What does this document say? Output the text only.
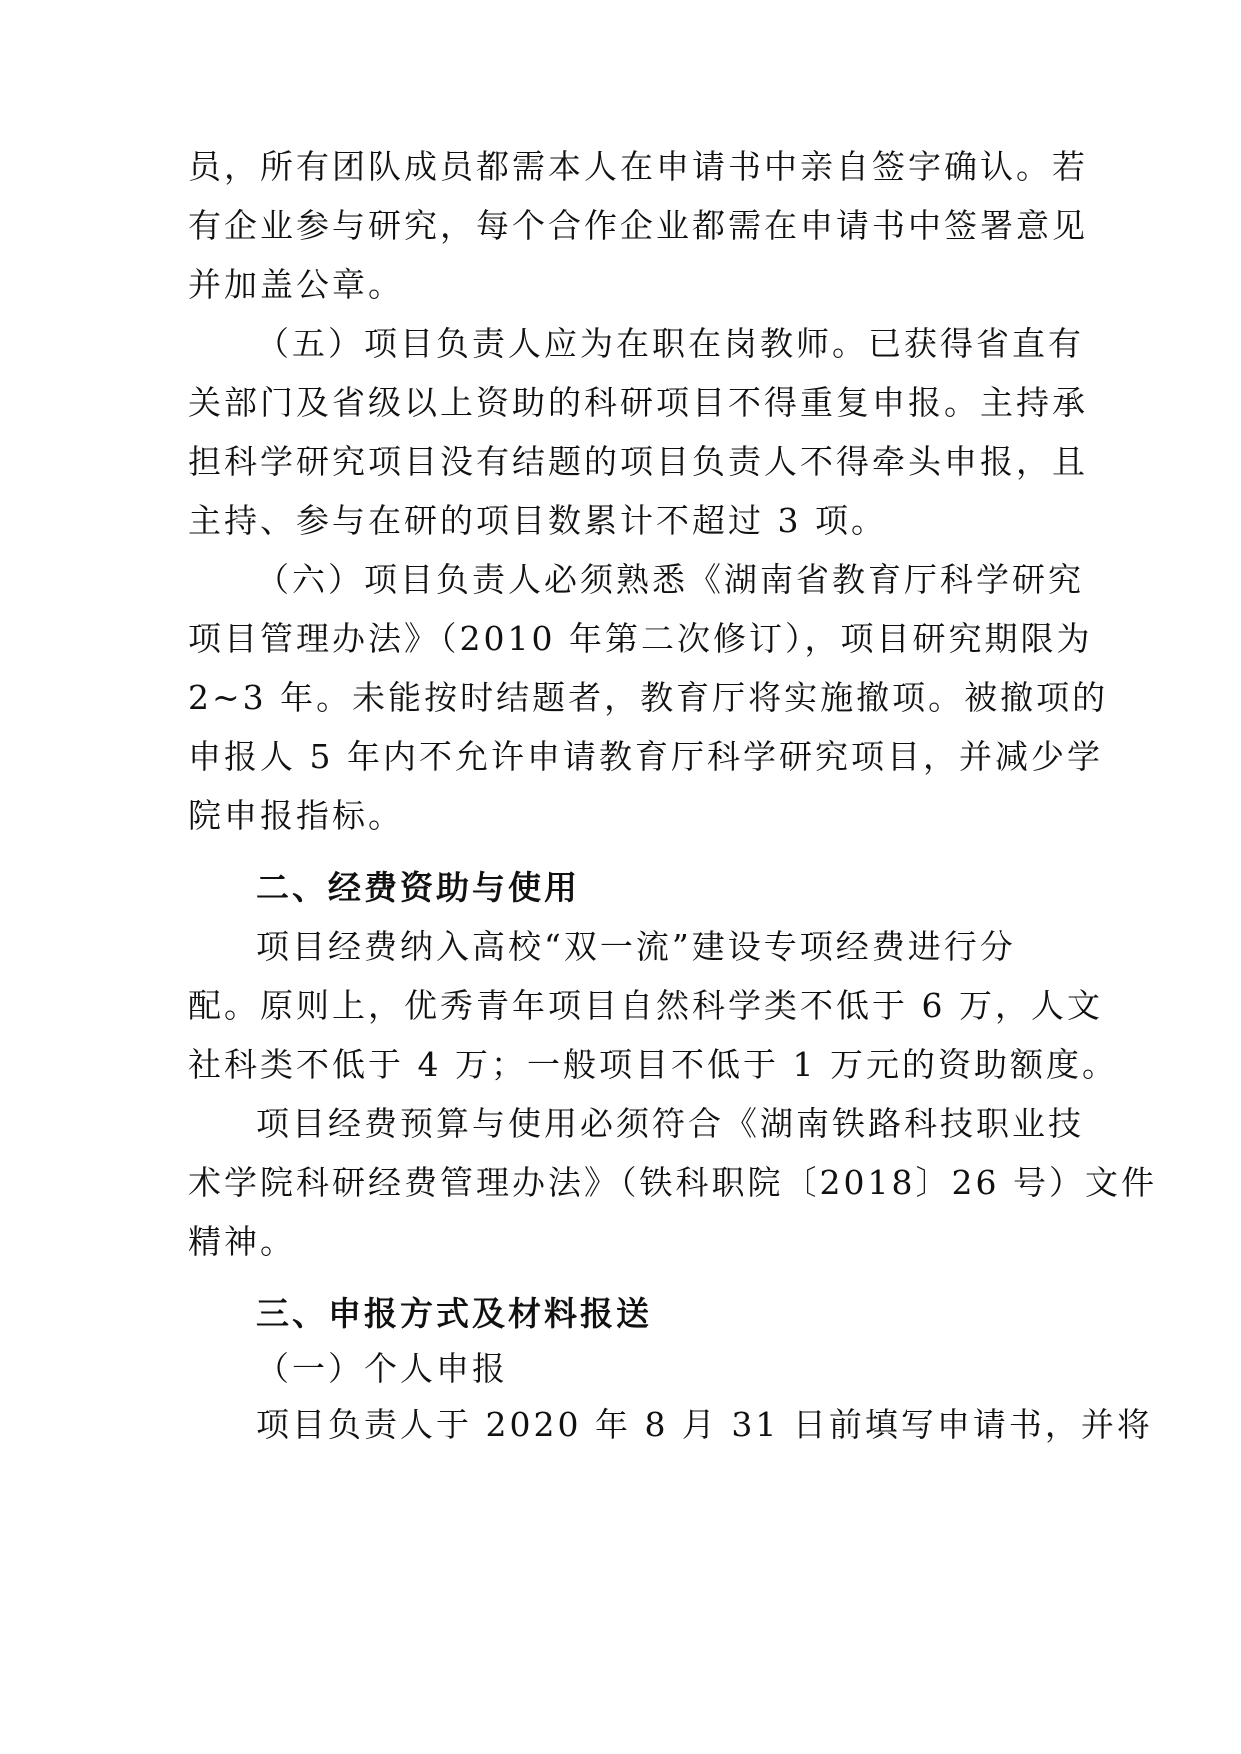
员，所有团队成员都需本人在申请书中亲自签字确认。若
有企业参与研究，每个合作企业都需在申请书中签署意见
并加盖公章。
（五）项目负责人应为在职在岗教师。已获得省直有
关部门及省级以上资助的科研项目不得重复申报。主持承
担科学研究项目没有结题的项目负责人不得牵头申报，且
主持、参与在研的项目数累计不超过 3 项。
（六）项目负责人必须熟悉《湖南省教育厅科学研究
项目管理办法》（2010 年第二次修订），项目研究期限为
2~3 年。未能按时结题者，教育厅将实施撤项。被撤项的
申报人 5 年内不允许申请教育厅科学研究项目，并减少学
院申报指标。
二、经费资助与使用
项目经费纳入高校“双一流”建设专项经费进行分
配。原则上，优秀青年项目自然科学类不低于 6 万，人文
社科类不低于 4 万；一般项目不低于 1 万元的资助额度。
项目经费预算与使用必须符合《湖南铁路科技职业技
术学院科研经费管理办法》（铁科职院〔2018〕26 号）文件
精神。
三、申报方式及材料报送
（一）个人申报
项目负责人于 2020 年 8 月 31 日前填写申请书，并将
